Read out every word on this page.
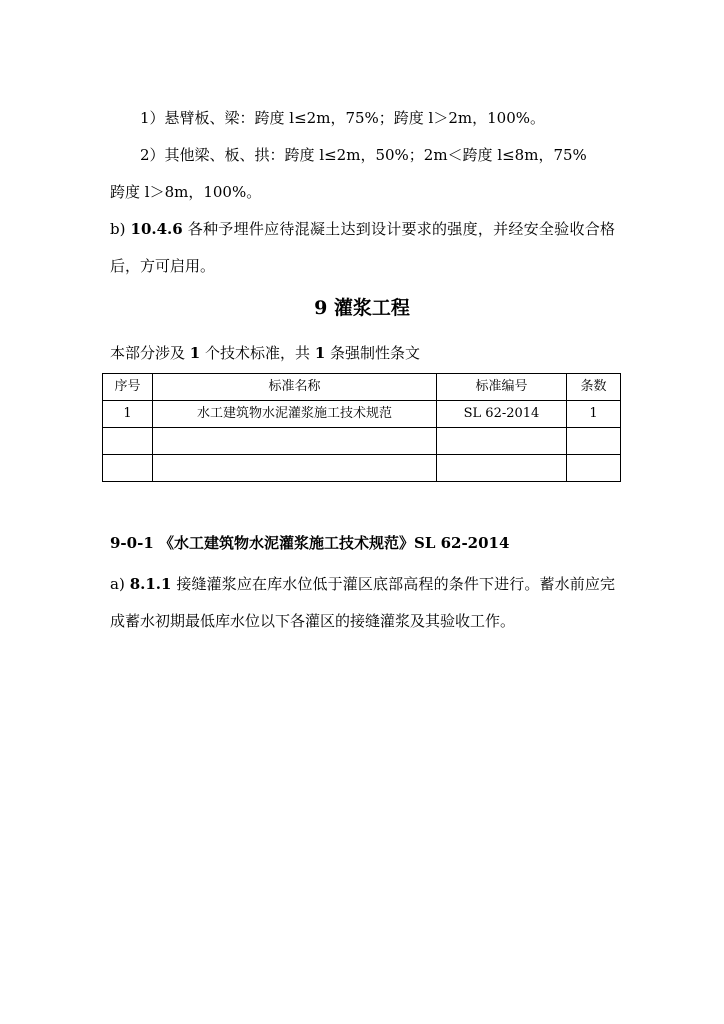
1）悬臂板、梁：跨度 l≤2m，75%；跨度 l＞2m，100%。

2）其他梁、板、拱：跨度 l≤2m，50%；2m＜跨度 l≤8m，75%

跨度 l＞8m，100%。

b) 10.4.6 各种予埋件应待混凝土达到设计要求的强度，并经安全验收合格后，方可启用。

9 灌浆工程

本部分涉及 1 个技术标准，共 1 条强制性条文

序号	标准名称	标准编号	条数
1	水工建筑物水泥灌浆施工技术规范	SL 62-2014	1

9-0-1 《水工建筑物水泥灌浆施工技术规范》SL 62-2014

a) 8.1.1 接缝灌浆应在库水位低于灌区底部高程的条件下进行。蓄水前应完成蓄水初期最低库水位以下各灌区的接缝灌浆及其验收工作。
